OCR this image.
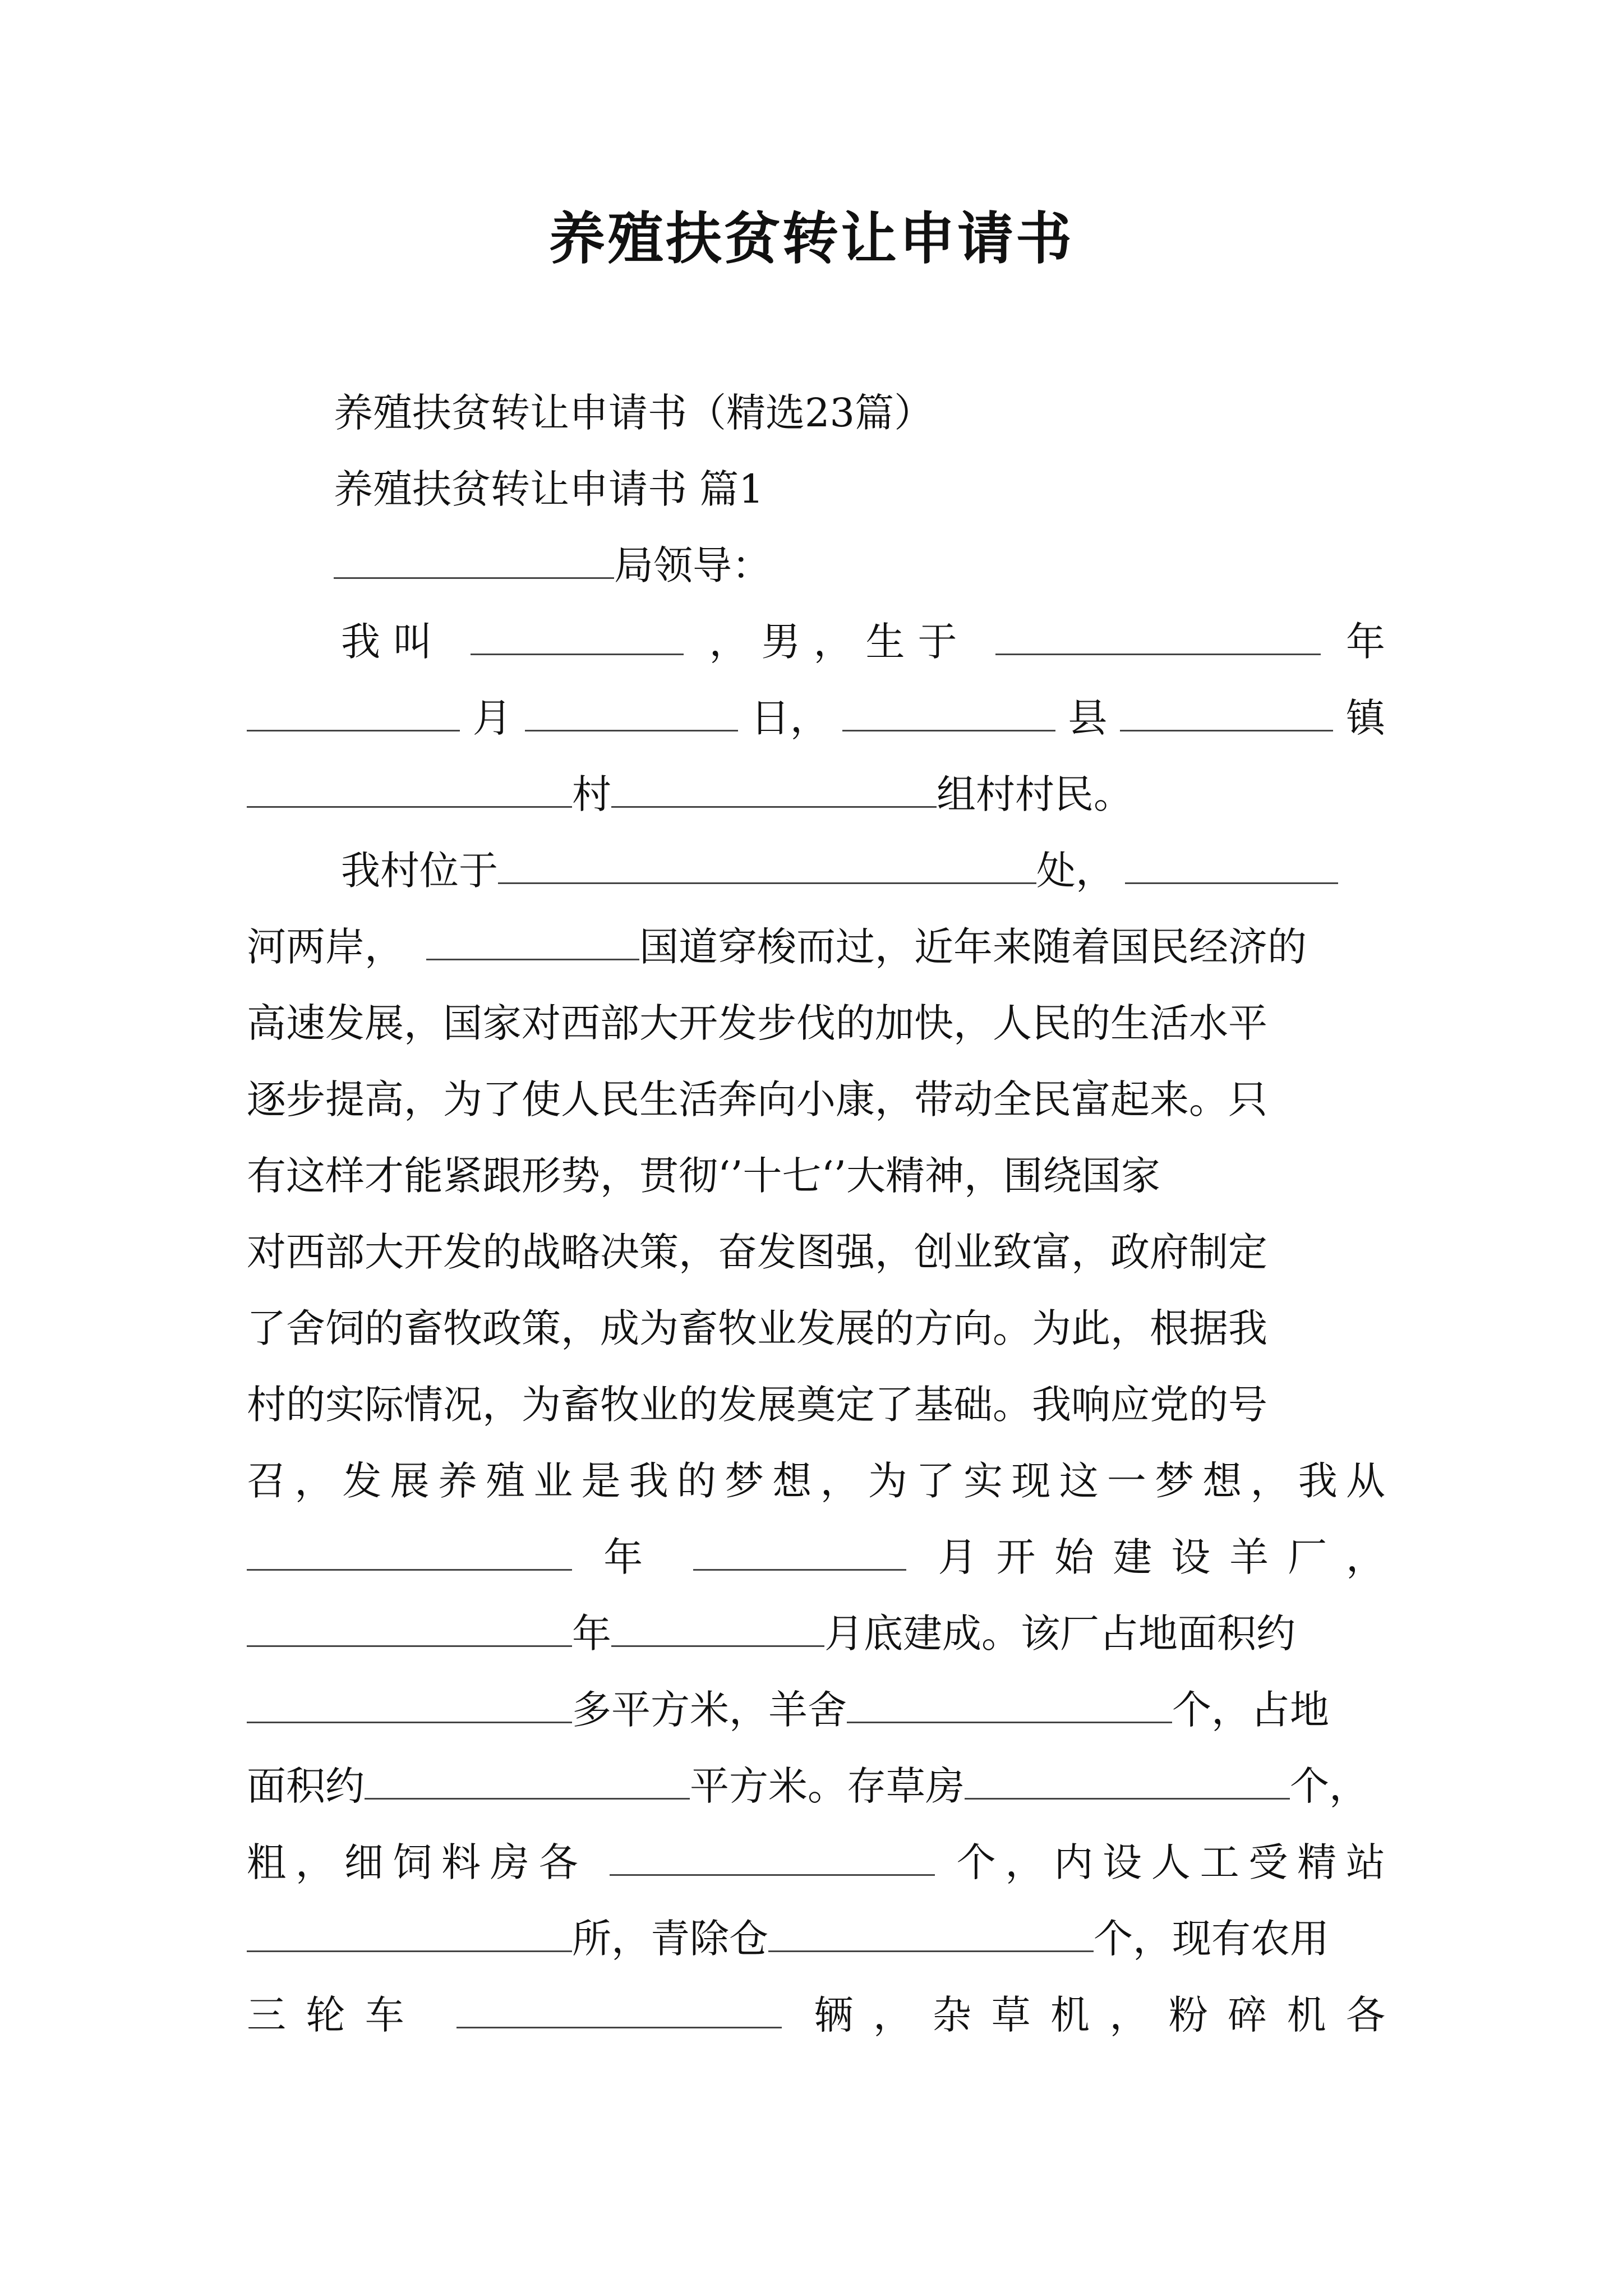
养殖扶贫转让申请书
养殖扶贫转让申请书（精选23篇）
养殖扶贫转让申请书 篇1
局领导：
我叫	，男，生于	年
月	日，	县	镇
村	组村村民。
我村位于	处，
河两岸，	国道穿梭而过，近年来随着国民经济的
高速发展，国家对西部大开发步伐的加快，人民的生活水平
逐步提高，为了使人民生活奔向小康，带动全民富起来。只
有这样才能紧跟形势，贯彻‘’十七‘’大精神，围绕国家
对西部大开发的战略决策，奋发图强，创业致富，政府制定
了舍饲的畜牧政策，成为畜牧业发展的方向。为此，根据我
村的实际情况，为畜牧业的发展奠定了基础。我响应党的号
召，发展养殖业是我的梦想，为了实现这一梦想，我从
年	月开始建设羊厂，
年	月底建成。该厂占地面积约
多平方米，羊舍	个，占地
面积约	平方米。存草房	个，
粗，细饲料房各	个，内设人工受精站
所，青除仓	个，现有农用
三轮车	辆，杂草机，粉碎机各
